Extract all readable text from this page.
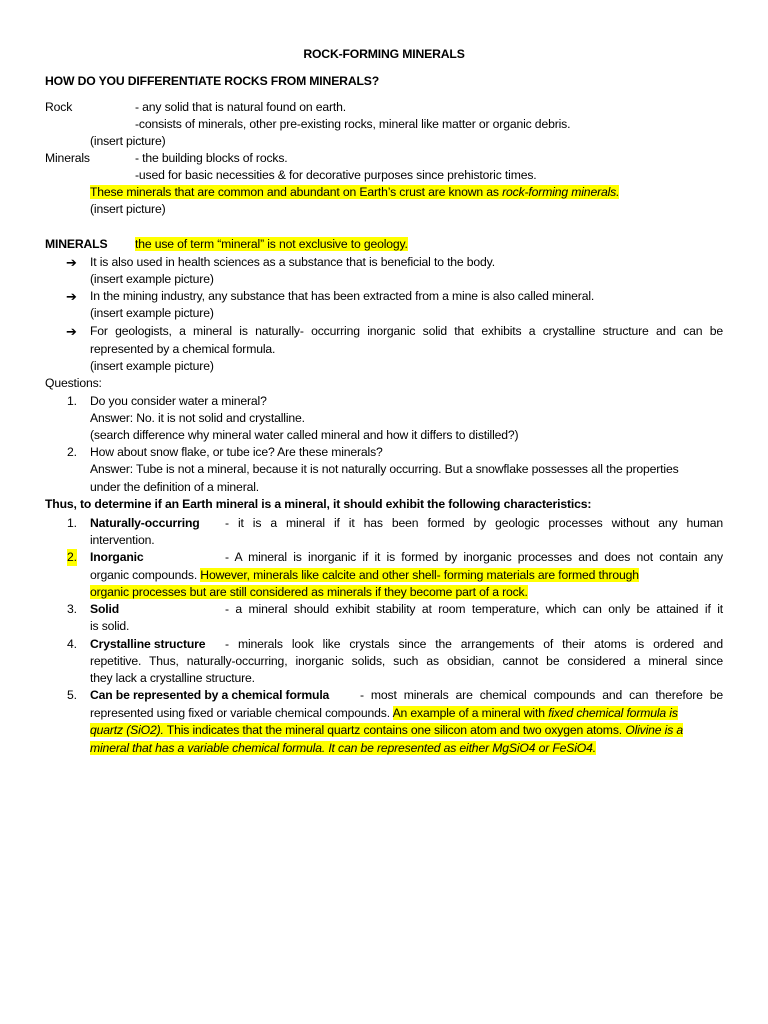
ROCK-FORMING MINERALS
HOW DO YOU DIFFERENTIATE ROCKS FROM MINERALS?
Rock	- any solid that is natural found on earth.
-consists of minerals, other pre-existing rocks, mineral like matter or organic debris.
(insert picture)
Minerals	- the building blocks of rocks.
-used for basic necessities & for decorative purposes since prehistoric times.
These minerals that are common and abundant on Earth’s crust are known as rock-forming minerals.
(insert picture)
MINERALS the use of term “mineral” is not exclusive to geology.
➔ It is also used in health sciences as a substance that is beneficial to the body.
(insert example picture)
➔ In the mining industry, any substance that has been extracted from a mine is also called mineral.
(insert example picture)
➔ For geologists, a mineral is naturally- occurring inorganic solid that exhibits a crystalline structure and can be
represented by a chemical formula.
(insert example picture)
Questions:
1. Do you consider water a mineral?
Answer: No. it is not solid and crystalline.
(search difference why mineral water called mineral and how it differs to distilled?)
2. How about snow flake, or tube ice? Are these minerals?
Answer: Tube is not a mineral, because it is not naturally occurring. But a snowflake possesses all the properties
under the definition of a mineral.
Thus, to determine if an Earth mineral is a mineral, it should exhibit the following characteristics:
1. Naturally-occurring - it is a mineral if it has been formed by geologic processes without any human
intervention.
2. Inorganic	- A mineral is inorganic if it is formed by inorganic processes and does not contain any
organic compounds. However, minerals like calcite and other shell- forming materials are formed through
organic processes but are still considered as minerals if they become part of a rock.
3. Solid	- a mineral should exhibit stability at room temperature, which can only be attained if it
is solid.
4. Crystalline structure - minerals look like crystals since the arrangements of their atoms is ordered and
repetitive. Thus, naturally-occurring, inorganic solids, such as obsidian, cannot be considered a mineral since
they lack a crystalline structure.
5. Can be represented by a chemical formula	- most minerals are chemical compounds and can therefore be
represented using fixed or variable chemical compounds. An example of a mineral with fixed chemical formula is
quartz (SiO2). This indicates that the mineral quartz contains one silicon atom and two oxygen atoms. Olivine is a
mineral that has a variable chemical formula. It can be represented as either MgSiO4 or FeSiO4.
